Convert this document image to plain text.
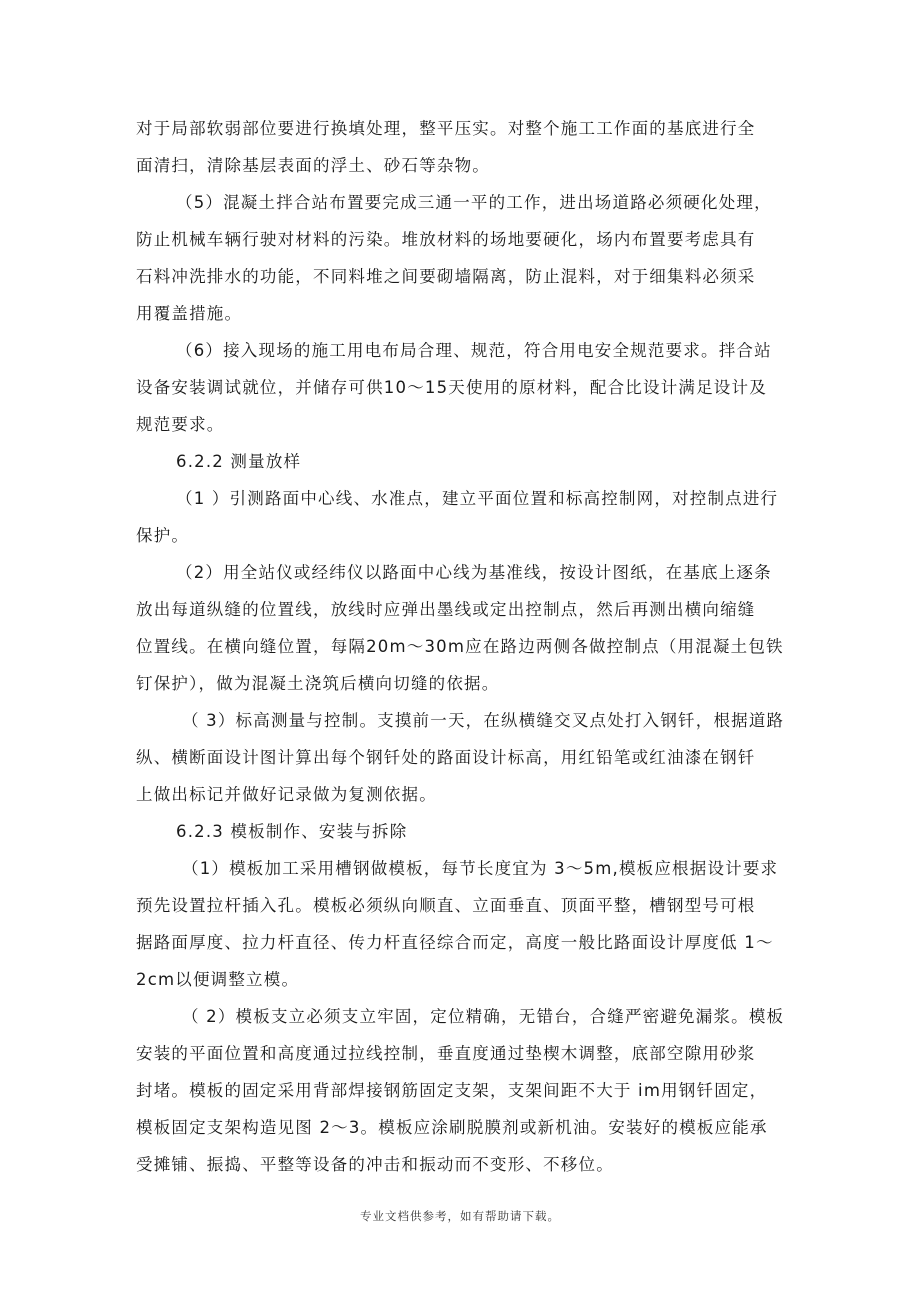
对于局部软弱部位要进行换填处理，整平压实。对整个施工工作面的基底进行全
面清扫，清除基层表面的浮土、砂石等杂物。
（5）混凝土拌合站布置要完成三通一平的工作，进出场道路必须硬化处理，
防止机械车辆行驶对材料的污染。堆放材料的场地要硬化，场内布置要考虑具有
石料冲洗排水的功能，不同料堆之间要砌墙隔离，防止混料，对于细集料必须采
用覆盖措施。
（6）接入现场的施工用电布局合理、规范，符合用电安全规范要求。拌合站
设备安装调试就位，并储存可供10～15天使用的原材料，配合比设计满足设计及
规范要求。
6.2.2 测量放样
（1 ）引测路面中心线、水准点，建立平面位置和标高控制网，对控制点进行
保护。
（2）用全站仪或经纬仪以路面中心线为基准线，按设计图纸，在基底上逐条
放出每道纵缝的位置线，放线时应弹出墨线或定出控制点，然后再测出横向缩缝
位置线。在横向缝位置，每隔20m～30m应在路边两侧各做控制点（用混凝土包铁
钉保护），做为混凝土浇筑后横向切缝的依据。
（ 3）标高测量与控制。支摸前一天，在纵横缝交叉点处打入钢钎，根据道路
纵、横断面设计图计算出每个钢钎处的路面设计标高，用红铅笔或红油漆在钢钎
上做出标记并做好记录做为复测依据。
6.2.3 模板制作、安装与拆除
（1）模板加工采用槽钢做模板，每节长度宜为 3～5m,模板应根据设计要求
预先设置拉杆插入孔。模板必须纵向顺直、立面垂直、顶面平整，槽钢型号可根
据路面厚度、拉力杆直径、传力杆直径综合而定，高度一般比路面设计厚度低 1～
2cm以便调整立模。
（ 2）模板支立必须支立牢固，定位精确，无错台，合缝严密避免漏浆。模板
安装的平面位置和高度通过拉线控制，垂直度通过垫楔木调整，底部空隙用砂浆
封堵。模板的固定采用背部焊接钢筋固定支架，支架间距不大于 im用钢钎固定，
模板固定支架构造见图 2～3。模板应涂刷脱膜剂或新机油。安装好的模板应能承
受摊铺、振捣、平整等设备的冲击和振动而不变形、不移位。
专业文档供参考，如有帮助请下载。
